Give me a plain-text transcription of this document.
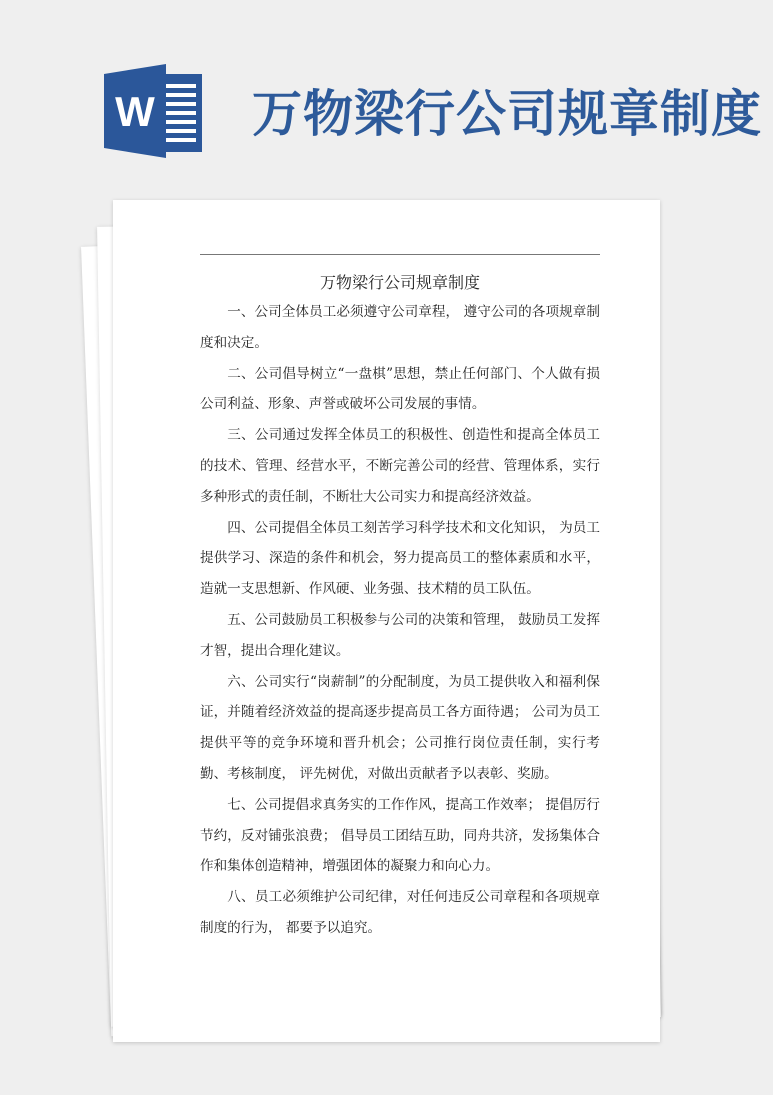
W 万物梁行公司规章制度
万物梁行公司规章制度

一、公司全体员工必须遵守公司章程， 遵守公司的各项规章制度和决定。

二、公司倡导树立“一盘棋”思想，禁止任何部门、个人做有损公司利益、形象、声誉或破坏公司发展的事情。

三、公司通过发挥全体员工的积极性、创造性和提高全体员工的技术、管理、经营水平，不断完善公司的经营、管理体系，实行多种形式的责任制，不断壮大公司实力和提高经济效益。

四、公司提倡全体员工刻苦学习科学技术和文化知识， 为员工提供学习、深造的条件和机会，努力提高员工的整体素质和水平，造就一支思想新、作风硬、业务强、技术精的员工队伍。

五、公司鼓励员工积极参与公司的决策和管理， 鼓励员工发挥才智，提出合理化建议。

六、公司实行“岗薪制”的分配制度，为员工提供收入和福利保证，并随着经济效益的提高逐步提高员工各方面待遇； 公司为员工提供平等的竞争环境和晋升机会；公司推行岗位责任制，实行考勤、考核制度， 评先树优，对做出贡献者予以表彰、奖励。

七、公司提倡求真务实的工作作风，提高工作效率； 提倡厉行节约，反对铺张浪费； 倡导员工团结互助，同舟共济，发扬集体合作和集体创造精神，增强团体的凝聚力和向心力。

八、员工必须维护公司纪律，对任何违反公司章程和各项规章制度的行为， 都要予以追究。
